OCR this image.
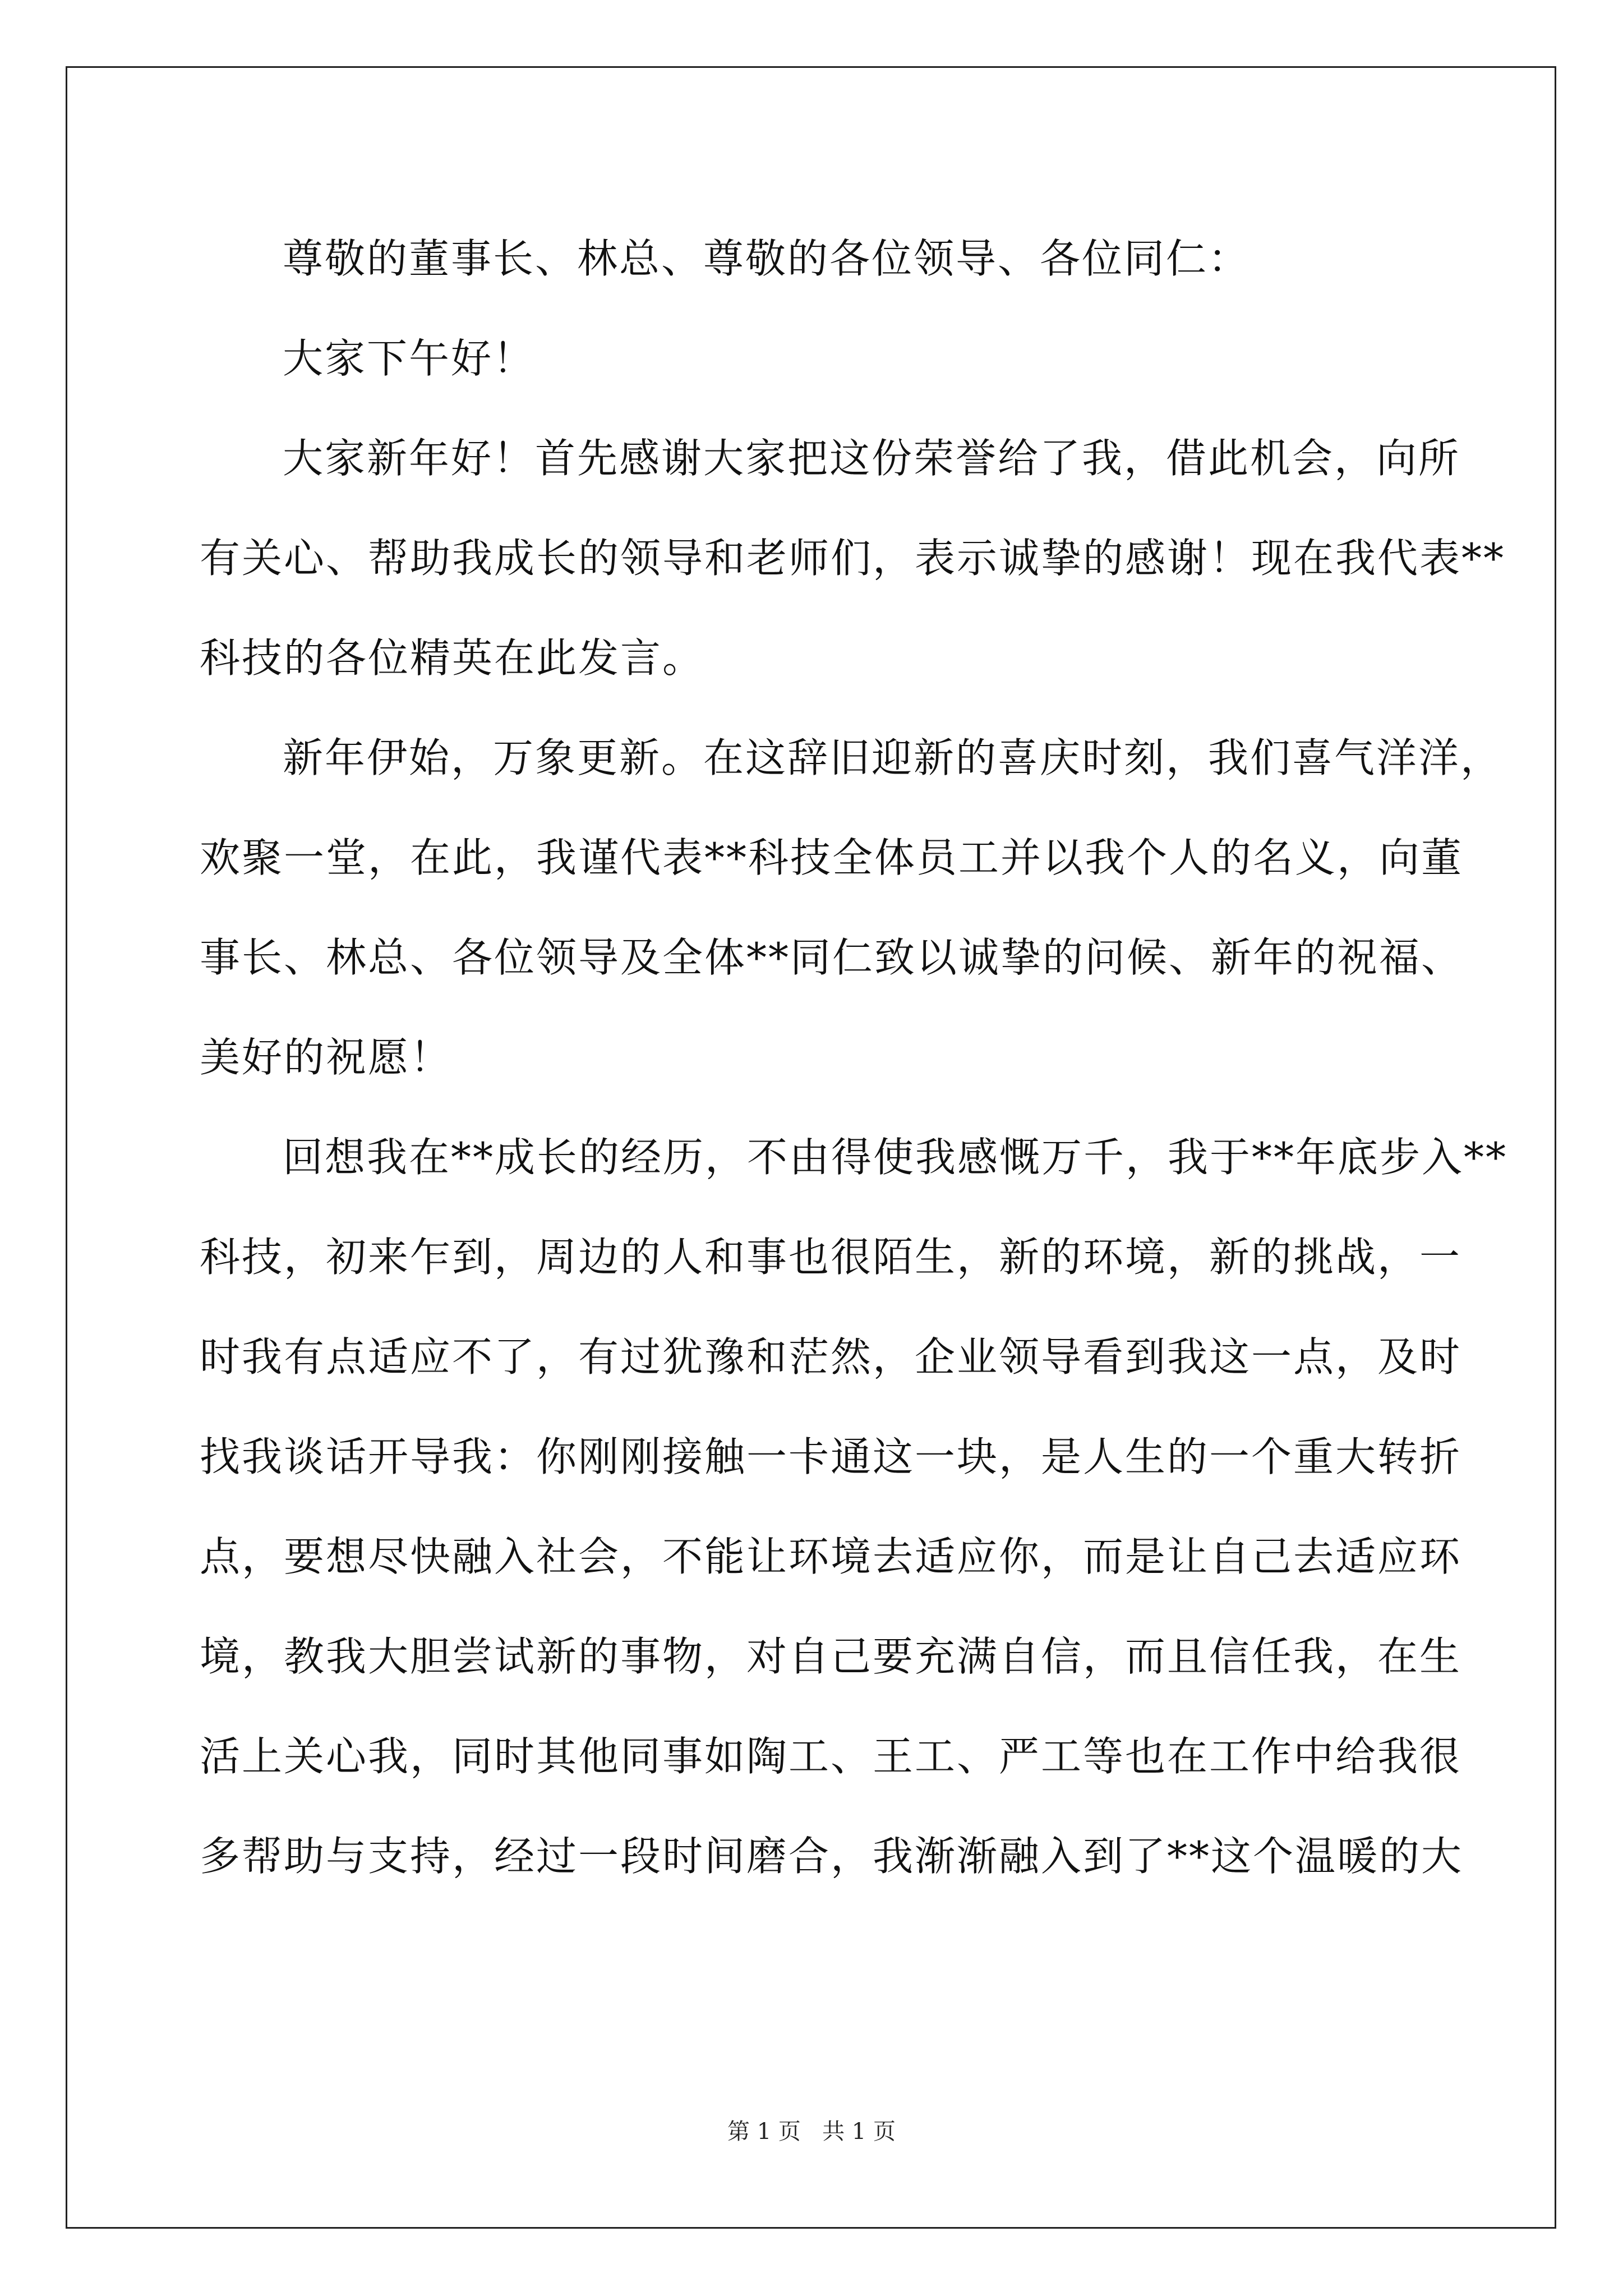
尊敬的董事长、林总、尊敬的各位领导、各位同仁：
大家下午好！
大家新年好！首先感谢大家把这份荣誉给了我，借此机会，向所
有关心、帮助我成长的领导和老师们，表示诚挚的感谢！现在我代表**
科技的各位精英在此发言。
新年伊始，万象更新。在这辞旧迎新的喜庆时刻，我们喜气洋洋，
欢聚一堂，在此，我谨代表**科技全体员工并以我个人的名义，向董
事长、林总、各位领导及全体**同仁致以诚挚的问候、新年的祝福、
美好的祝愿！
回想我在**成长的经历，不由得使我感慨万千，我于**年底步入**
科技，初来乍到，周边的人和事也很陌生，新的环境，新的挑战，一
时我有点适应不了，有过犹豫和茫然，企业领导看到我这一点，及时
找我谈话开导我：你刚刚接触一卡通这一块，是人生的一个重大转折
点，要想尽快融入社会，不能让环境去适应你，而是让自己去适应环
境，教我大胆尝试新的事物，对自己要充满自信，而且信任我，在生
活上关心我，同时其他同事如陶工、王工、严工等也在工作中给我很
多帮助与支持，经过一段时间磨合，我渐渐融入到了**这个温暖的大
第 1 页   共 1 页
